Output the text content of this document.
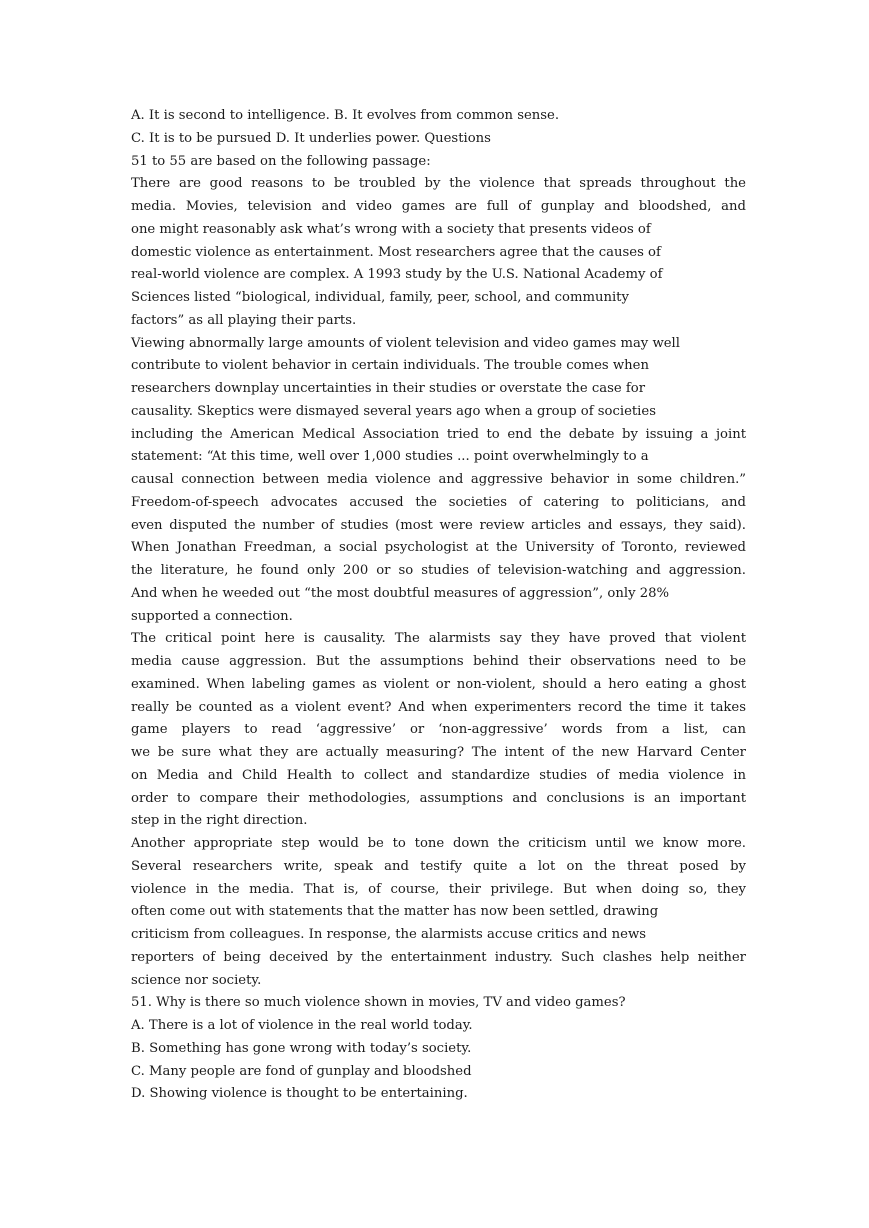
A. It is second to intelligence. B. It evolves from common sense.
C. It is to be pursued D. It underlies power. Questions
51 to 55 are based on the following passage:
There are good reasons to be troubled by the violence that spreads throughout the
media. Movies, television and video games are full of gunplay and bloodshed, and
one might reasonably ask what’s wrong with a society that presents videos of
domestic violence as entertainment. Most researchers agree that the causes of
real-world violence are complex. A 1993 study by the U.S. National Academy of
Sciences listed “biological, individual, family, peer, school, and community
factors” as all playing their parts.
Viewing abnormally large amounts of violent television and video games may well
contribute to violent behavior in certain individuals. The trouble comes when
researchers downplay uncertainties in their studies or overstate the case for
causality. Skeptics were dismayed several years ago when a group of societies
including the American Medical Association tried to end the debate by issuing a joint
statement: “At this time, well over 1,000 studies ... point overwhelmingly to a
causal connection between media violence and aggressive behavior in some children.”
Freedom-of-speech advocates accused the societies of catering to politicians, and
even disputed the number of studies (most were review articles and essays, they said).
When Jonathan Freedman, a social psychologist at the University of Toronto, reviewed
the literature, he found only 200 or so studies of television-watching and aggression.
And when he weeded out “the most doubtful measures of aggression”, only 28%
supported a connection.
The critical point here is causality. The alarmists say they have proved that violent
media cause aggression. But the assumptions behind their observations need to be
examined. When labeling games as violent or non-violent, should a hero eating a ghost
really be counted as a violent event? And when experimenters record the time it takes
game players to read ‘aggressive’ or ‘non-aggressive’ words from a list, can
we be sure what they are actually measuring? The intent of the new Harvard Center
on Media and Child Health to collect and standardize studies of media violence in
order to compare their methodologies, assumptions and conclusions is an important
step in the right direction.
Another appropriate step would be to tone down the criticism until we know more.
Several researchers write, speak and testify quite a lot on the threat posed by
violence in the media. That is, of course, their privilege. But when doing so, they
often come out with statements that the matter has now been settled, drawing
criticism from colleagues. In response, the alarmists accuse critics and news
reporters of being deceived by the entertainment industry. Such clashes help neither
science nor society.
51. Why is there so much violence shown in movies, TV and video games?
A. There is a lot of violence in the real world today.
B. Something has gone wrong with today’s society.
C. Many people are fond of gunplay and bloodshed
D. Showing violence is thought to be entertaining.
